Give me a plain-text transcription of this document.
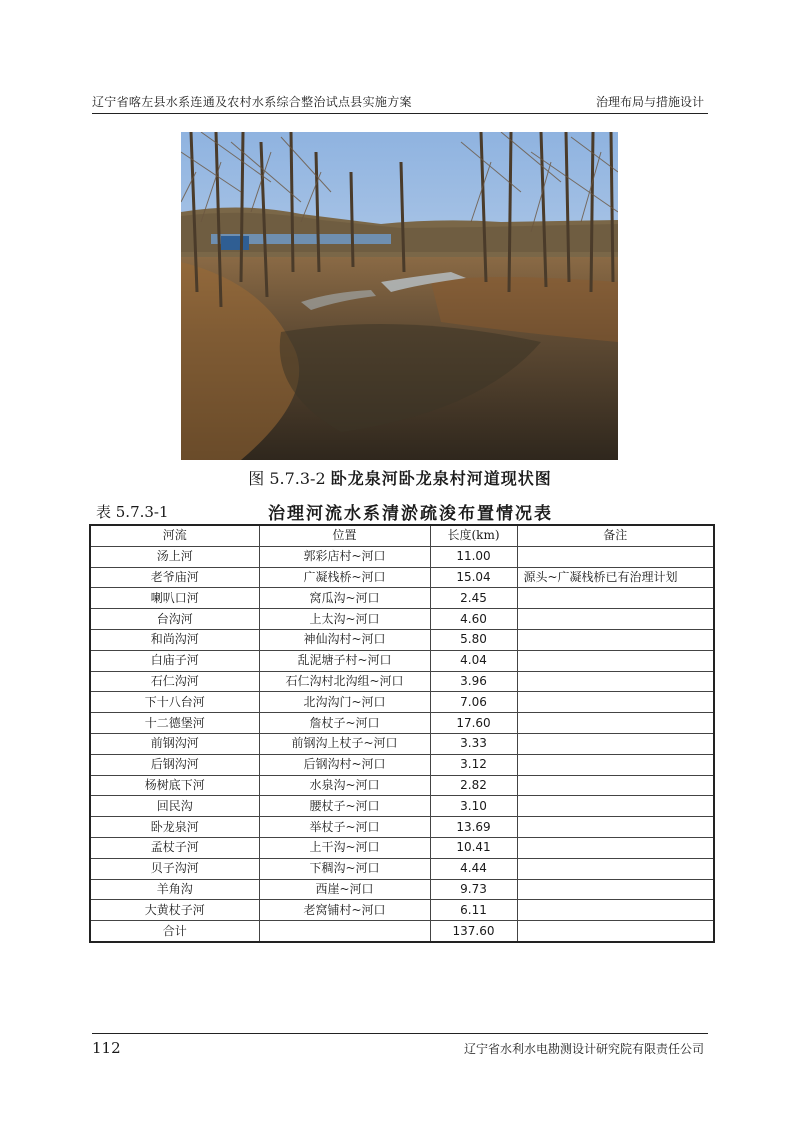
辽宁省喀左县水系连通及农村水系综合整治试点县实施方案	治理布局与措施设计
图 5.7.3-2 卧龙泉河卧龙泉村河道现状图
表 5.7.3-1	治理河流水系清淤疏浚布置情况表
河流	位置	长度(km)	备注
汤上河	郭彩店村~河口	11.00	
老爷庙河	广凝栈桥~河口	15.04	源头~广凝栈桥已有治理计划
喇叭口河	窝瓜沟~河口	2.45	
台沟河	上太沟~河口	4.60	
和尚沟河	神仙沟村~河口	5.80	
白庙子河	乱泥塘子村~河口	4.04	
石仁沟河	石仁沟村北沟组~河口	3.96	
下十八台河	北沟沟门~河口	7.06	
十二德堡河	詹杖子~河口	17.60	
前钢沟河	前钢沟上杖子~河口	3.33	
后钢沟河	后钢沟村~河口	3.12	
杨树底下河	水泉沟~河口	2.82	
回民沟	腰杖子~河口	3.10	
卧龙泉河	举杖子~河口	13.69	
孟杖子河	上干沟~河口	10.41	
贝子沟河	下稠沟~河口	4.44	
羊角沟	西崖~河口	9.73	
大黄杖子河	老窝铺村~河口	6.11	
合计		137.60	
112	辽宁省水利水电勘测设计研究院有限责任公司
